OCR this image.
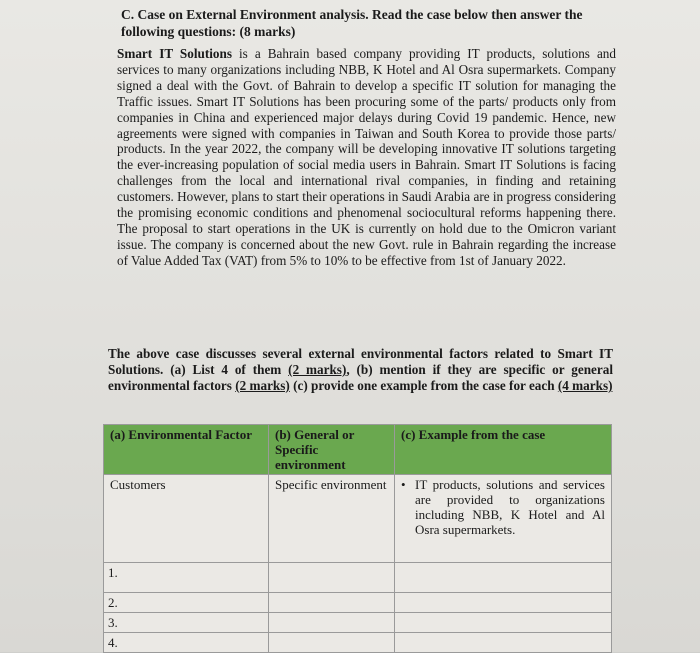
C. Case on External Environment analysis. Read the case below then answer the following questions: (8 marks)

Smart IT Solutions is a Bahrain based company providing IT products, solutions and services to many organizations including NBB, K Hotel and Al Osra supermarkets. Company signed a deal with the Govt. of Bahrain to develop a specific IT solution for managing the Traffic issues. Smart IT Solutions has been procuring some of the parts/ products only from companies in China and experienced major delays during Covid 19 pandemic. Hence, new agreements were signed with companies in Taiwan and South Korea to provide those parts/ products. In the year 2022, the company will be developing innovative IT solutions targeting the ever-increasing population of social media users in Bahrain. Smart IT Solutions is facing challenges from the local and international rival companies, in finding and retaining customers. However, plans to start their operations in Saudi Arabia are in progress considering the promising economic conditions and phenomenal sociocultural reforms happening there. The proposal to start operations in the UK is currently on hold due to the Omicron variant issue. The company is concerned about the new Govt. rule in Bahrain regarding the increase of Value Added Tax (VAT) from 5% to 10% to be effective from 1st of January 2022.

The above case discusses several external environmental factors related to Smart IT Solutions. (a) List 4 of them (2 marks), (b) mention if they are specific or general environmental factors (2 marks) (c) provide one example from the case for each (4 marks)

(a) Environmental Factor	(b) General or Specific environment	(c) Example from the case
Customers	Specific environment	• IT products, solutions and services are provided to organizations including NBB, K Hotel and Al Osra supermarkets.

1.		
2.		
3.		
4.		
